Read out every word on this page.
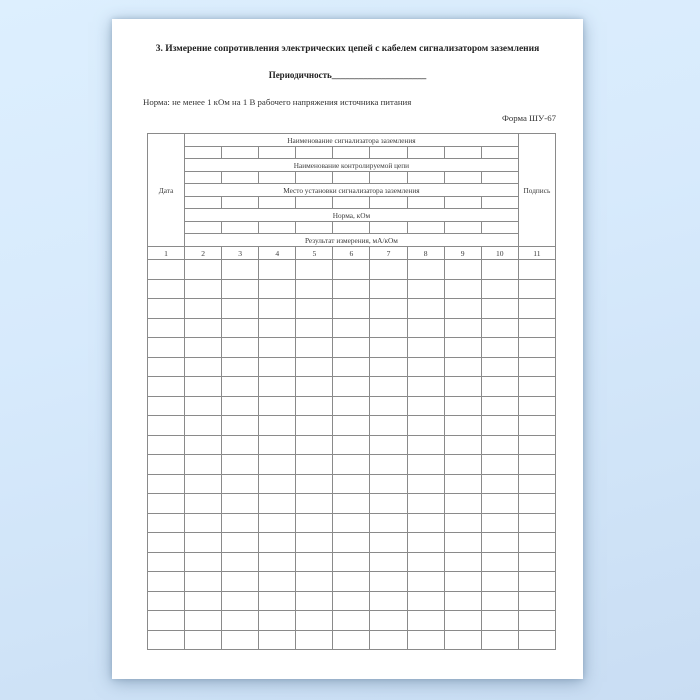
3. Измерение сопротивления электрических цепей с кабелем сигнализатором заземления
Периодичность_____________________
Норма: не менее 1 кОм на 1 В рабочего напряжения источника питания
Форма ШУ-67
Дата	Наименование сигнализатора заземления									Подпись

	Наименование контролируемой цепи									

	Место установки сигнализатора заземления									

	Норма, кОм									

	Результат измерения, мА/кОм									
1	2	3	4	5	6	7	8	9	10	11
